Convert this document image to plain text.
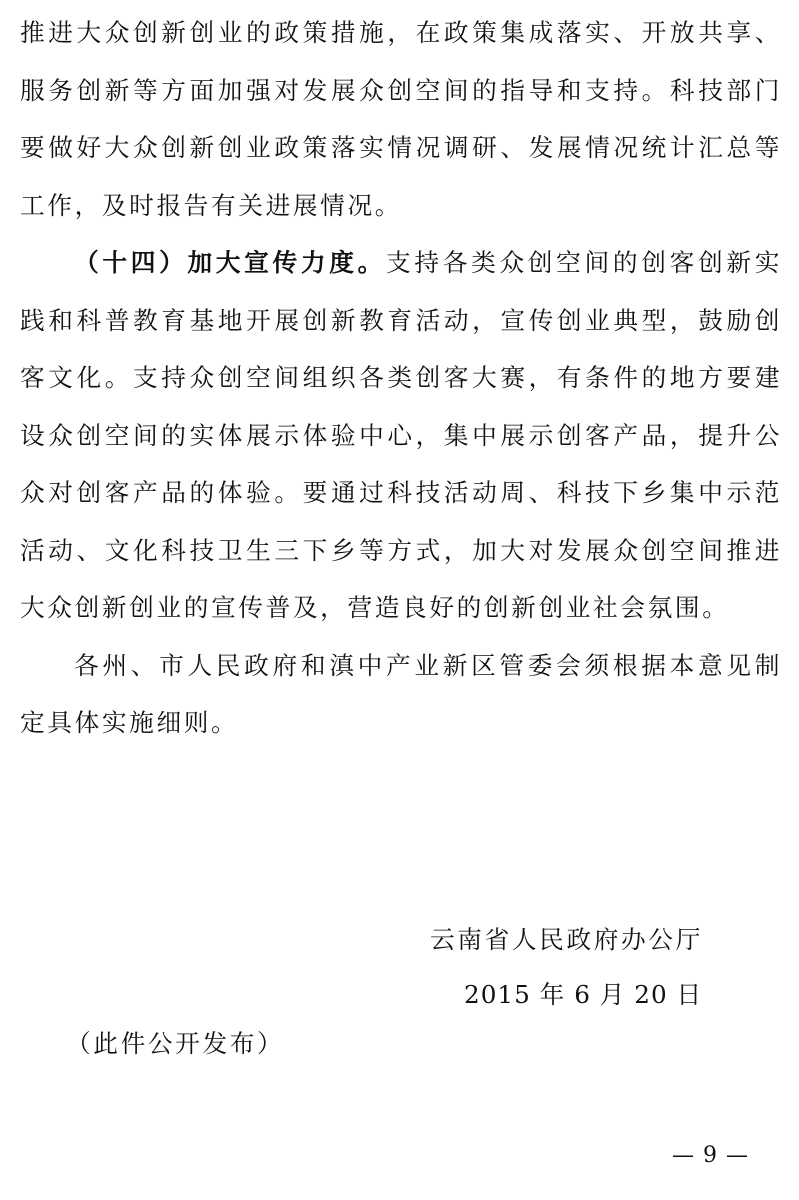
推进大众创新创业的政策措施，在政策集成落实、开放共享、服务创新等方面加强对发展众创空间的指导和支持。科技部门要做好大众创新创业政策落实情况调研、发展情况统计汇总等工作，及时报告有关进展情况。

（十四）加大宣传力度。支持各类众创空间的创客创新实践和科普教育基地开展创新教育活动，宣传创业典型，鼓励创客文化。支持众创空间组织各类创客大赛，有条件的地方要建设众创空间的实体展示体验中心，集中展示创客产品，提升公众对创客产品的体验。要通过科技活动周、科技下乡集中示范活动、文化科技卫生三下乡等方式，加大对发展众创空间推进大众创新创业的宣传普及，营造良好的创新创业社会氛围。

各州、市人民政府和滇中产业新区管委会须根据本意见制定具体实施细则。

云南省人民政府办公厅
2015 年 6 月 20 日
（此件公开发布）
— 9 —
